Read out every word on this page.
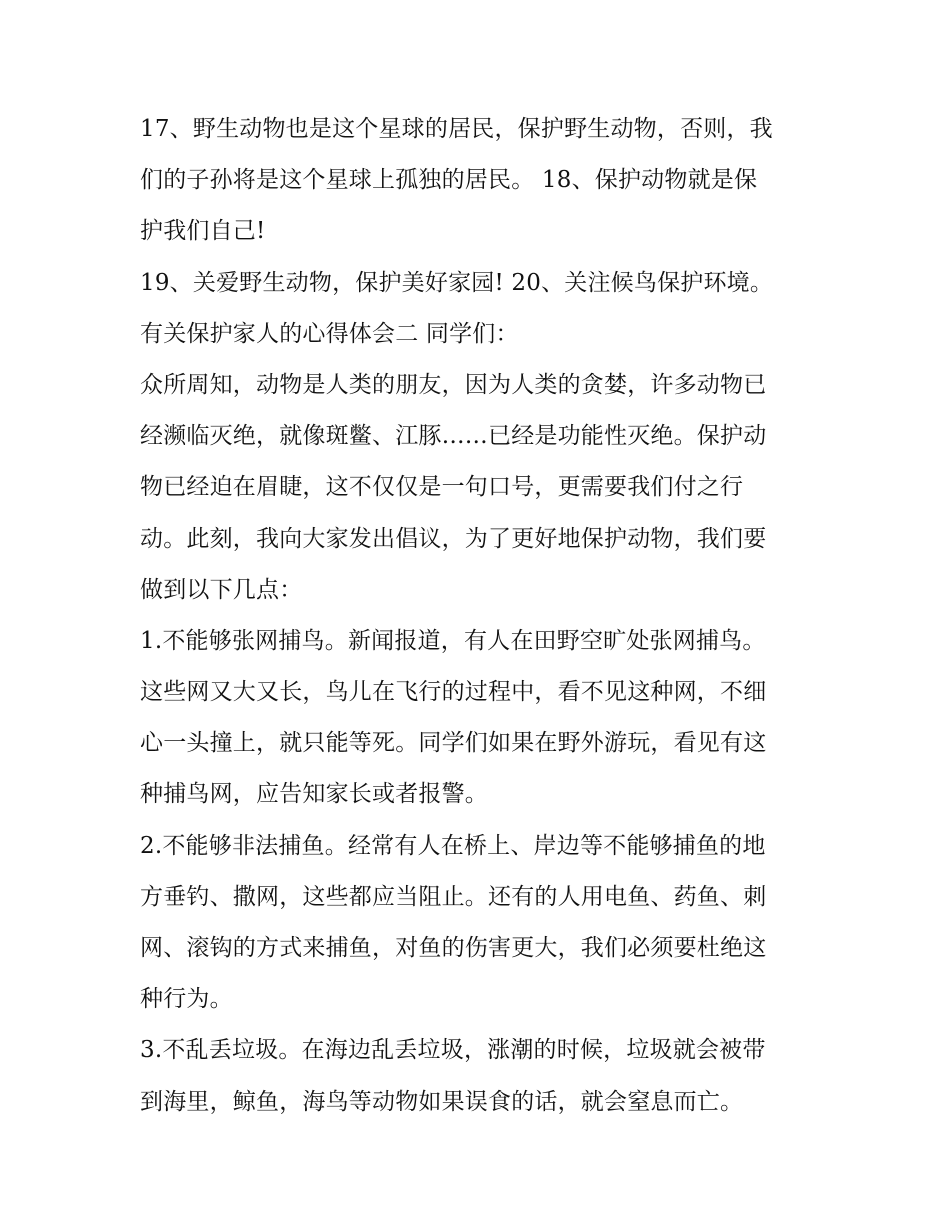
17、野生动物也是这个星球的居民，保护野生动物，否则，我
们的子孙将是这个星球上孤独的居民。 18、保护动物就是保
护我们自己!
19、关爱野生动物，保护美好家园! 20、关注候鸟保护环境。
有关保护家人的心得体会二 同学们：
众所周知，动物是人类的朋友，因为人类的贪婪，许多动物已
经濒临灭绝，就像斑鳖、江豚……已经是功能性灭绝。保护动
物已经迫在眉睫，这不仅仅是一句口号，更需要我们付之行
动。此刻，我向大家发出倡议，为了更好地保护动物，我们要
做到以下几点：
1.不能够张网捕鸟。新闻报道，有人在田野空旷处张网捕鸟。
这些网又大又长，鸟儿在飞行的过程中，看不见这种网，不细
心一头撞上，就只能等死。同学们如果在野外游玩，看见有这
种捕鸟网，应告知家长或者报警。
2.不能够非法捕鱼。经常有人在桥上、岸边等不能够捕鱼的地
方垂钓、撒网，这些都应当阻止。还有的人用电鱼、药鱼、刺
网、滚钩的方式来捕鱼，对鱼的伤害更大，我们必须要杜绝这
种行为。
3.不乱丢垃圾。在海边乱丢垃圾，涨潮的时候，垃圾就会被带
到海里，鲸鱼，海鸟等动物如果误食的话，就会窒息而亡。
